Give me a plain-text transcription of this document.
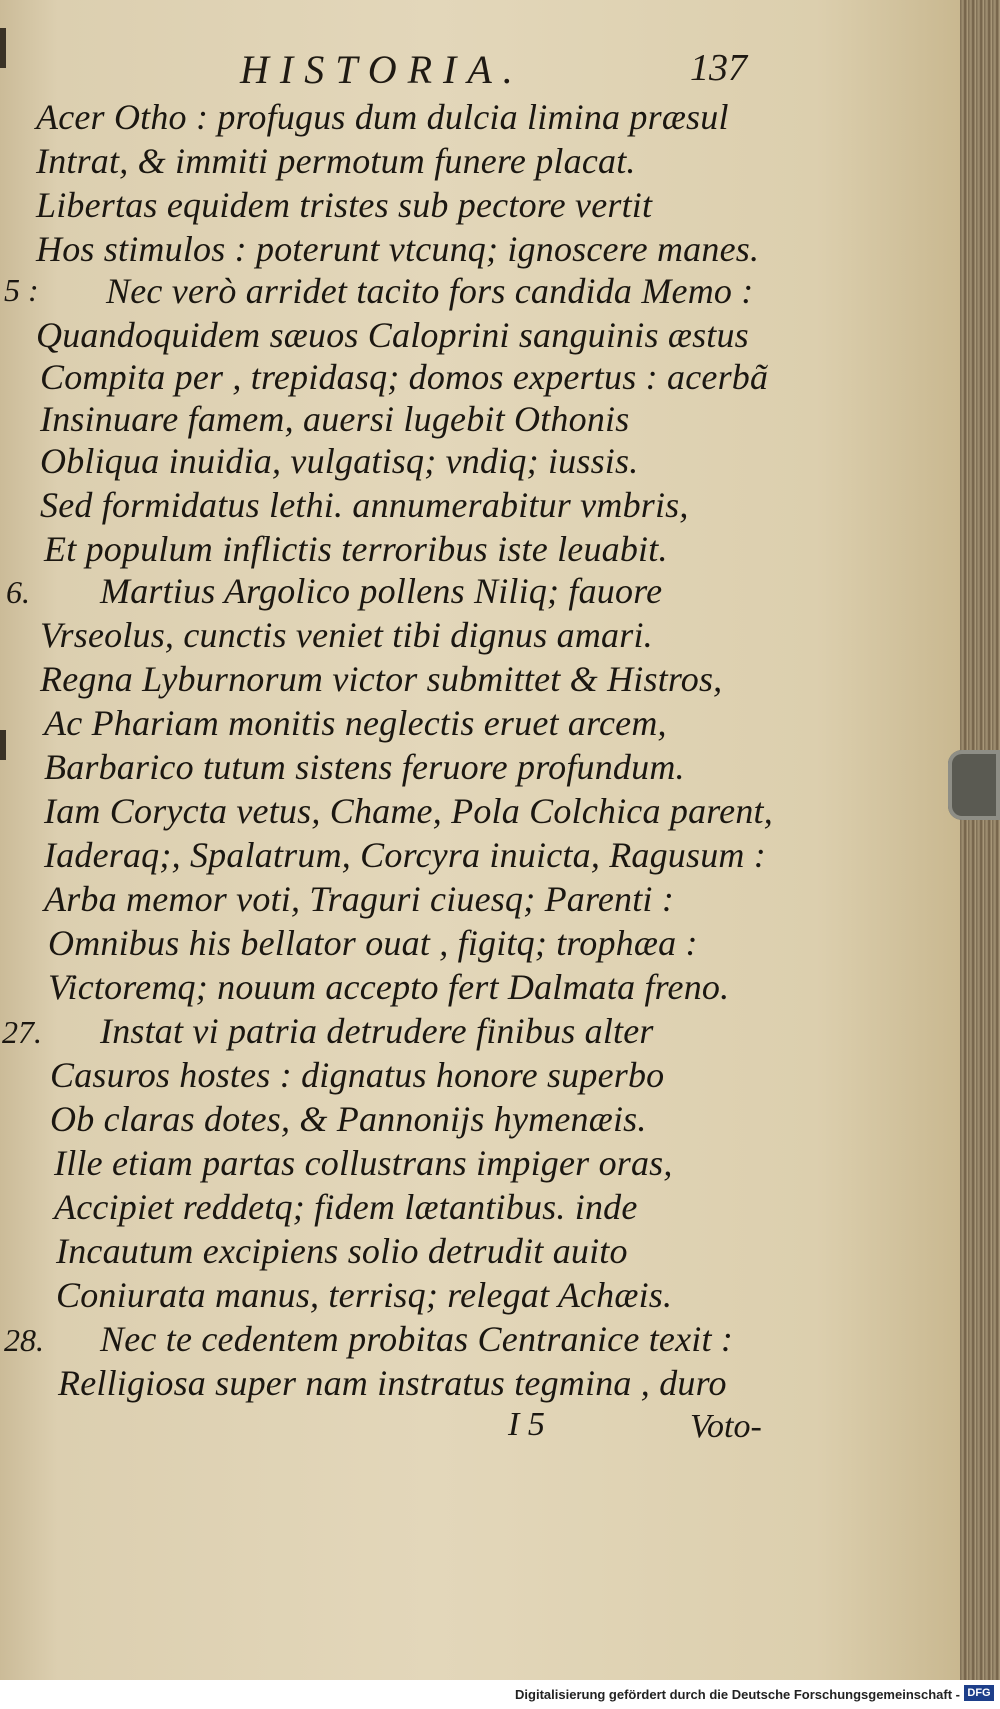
HISTORIA.	137
Acer Otho : profugus dum dulcia limina præsul
Intrat, & immiti permotum funere placat.
Libertas equidem tristes sub pectore vertit
Hos stimulos : poterunt vtcunq; ignoscere manes.
5 : Nec verò arridet tacito fors candida Memo :
Quandoquidem sæuos Caloprini sanguinis æstus
Compita per , trepidasq; domos expertus : acerbã
Insinuare famem, auersi lugebit Othonis
Obliqua inuidia, vulgatisq; vndiq; iussis.
Sed formidatus lethi. annumerabitur vmbris,
Et populum inflictis terroribus iste leuabit.
6. Martius Argolico pollens Niliq; fauore
Vrseolus, cunctis veniet tibi dignus amari.
Regna Lyburnorum victor submittet & Histros,
Ac Phariam monitis neglectis eruet arcem,
Barbarico tutum sistens feruore profundum.
Iam Corycta vetus, Chame, Pola Colchica parent,
Iaderaq;, Spalatrum, Corcyra inuicta, Ragusum :
Arba memor voti, Traguri ciuesq; Parenti :
Omnibus his bellator ouat , figitq; trophæa :
Victoremq; nouum accepto fert Dalmata freno.
27. Instat vi patria detrudere finibus alter
Casuros hostes : dignatus honore superbo
Ob claras dotes, & Pannonijs hymenæis.
Ille etiam partas collustrans impiger oras,
Accipiet reddetq; fidem lætantibus. inde
Incautum excipiens solio detrudit auito
Coniurata manus, terrisq; relegat Achæis.
28. Nec te cedentem probitas Centranice texit :
Relligiosa super nam instratus tegmina , duro
I 5	Voto-
Digitalisierung gefördert durch die Deutsche Forschungsgemeinschaft - DFG
